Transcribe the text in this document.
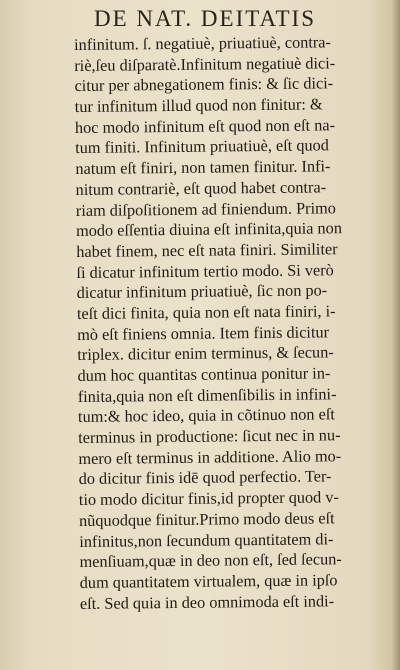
DE NAT. DEITATIS
infinitum. ſ. negatiuè, priuatiuè, contra-
riè,ſeu diſparatè.Infinitum negatiuè dici-
citur per abnegationem finis: & ſic dici-
tur infinitum illud quod non finitur: &
hoc modo infinitum eſt quod non eſt na-
tum finiti. Infinitum priuatiuè, eſt quod
natum eſt finiri, non tamen finitur. Infi-
nitum contrariè, eſt quod habet contra-
riam diſpoſitionem ad finiendum. Primo
modo eſſentia diuina eſt infinita,quia non
habet finem, nec eſt nata finiri. Similiter
ſi dicatur infinitum tertio modo. Si verò
dicatur infinitum priuatiuè, ſic non po-
teſt dici finita, quia non eſt nata finiri, i-
mò eſt finiens omnia. Item finis dicitur
triplex. dicitur enim terminus, & ſecun-
dum hoc quantitas continua ponitur in-
finita,quia non eſt dimenſibilis in infini-
tum:& hoc ideo, quia in cõtinuo non eſt
terminus in productione: ſicut nec in nu-
mero eſt terminus in additione. Alio mo-
do dicitur finis idē quod perfectio. Ter-
tio modo dicitur finis,id propter quod v-
nũquodque finitur.Primo modo deus eſt
infinitus,non ſecundum quantitatem di-
menſiuam,quæ in deo non eſt, ſed ſecun-
dum quantitatem virtualem, quæ in ipſo
eſt. Sed quia in deo omnimoda eſt indi-
